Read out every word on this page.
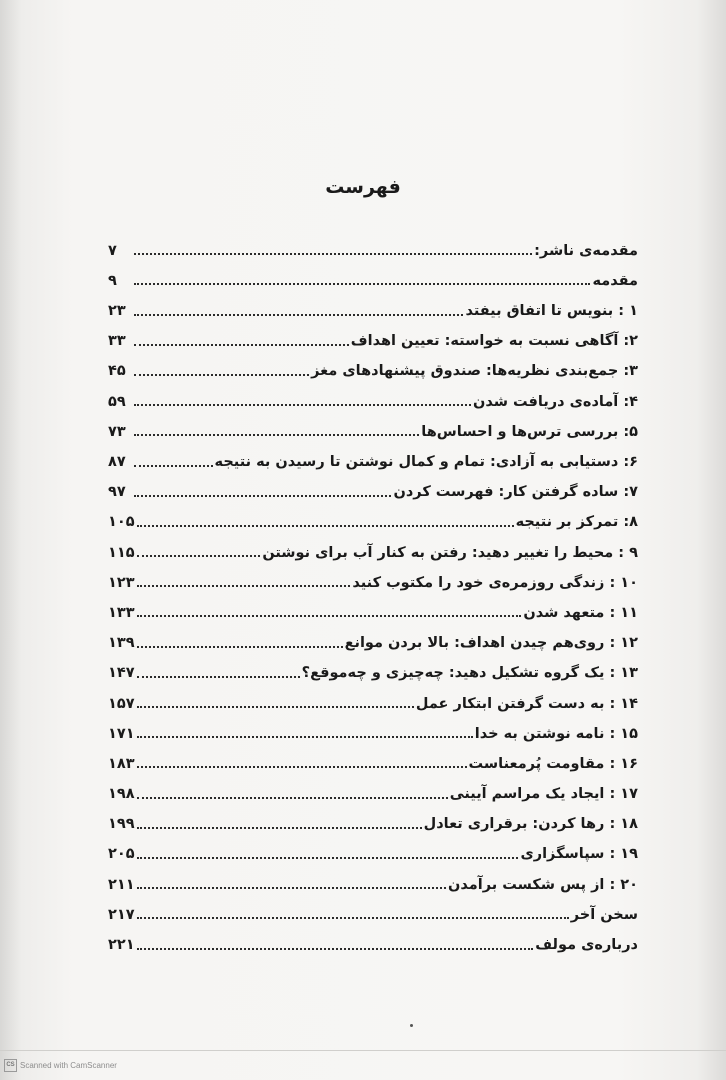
فهرست
مقدمه‌ی ناشر:
۷
مقدمه
۹
۱ : بنویس تا اتفاق بیفتد
۲۳
۲: آگاهی نسبت به خواسته: تعیین اهداف
۳۳
۳: جمع‌بندی نظریه‌ها: صندوق پیشنهادهای مغز
۴۵
۴: آماده‌ی دریافت شدن
۵۹
۵: بررسی ترس‌ها و احساس‌ها
۷۳
۶: دستیابی به آزادی: تمام و کمال نوشتن تا رسیدن به نتیجه
۸۷
۷: ساده گرفتن کار: فهرست کردن
۹۷
۸: تمرکز بر نتیجه
۱۰۵
۹ : محیط را تغییر دهید: رفتن به کنار آب برای نوشتن
۱۱۵
۱۰ : زندگی روزمره‌ی خود را مکتوب کنید
۱۲۳
۱۱ : متعهد شدن
۱۳۳
۱۲ : روی‌هم چیدن اهداف: بالا بردن موانع
۱۳۹
۱۳ : یک گروه تشکیل دهید: چه‌چیزی و چه‌موقع؟
۱۴۷
۱۴ : به دست گرفتن ابتکار عمل
۱۵۷
۱۵ : نامه نوشتن به خدا
۱۷۱
۱۶ : مقاومت پُرمعناست
۱۸۳
۱۷ : ایجاد یک مراسم آیینی
۱۹۸
۱۸ : رها کردن: برقراری تعادل
۱۹۹
۱۹ : سپاسگزاری
۲۰۵
۲۰ : از پس شکست برآمدن
۲۱۱
سخن آخر
۲۱۷
درباره‌ی مولف
۲۲۱
CS Scanned with CamScanner
